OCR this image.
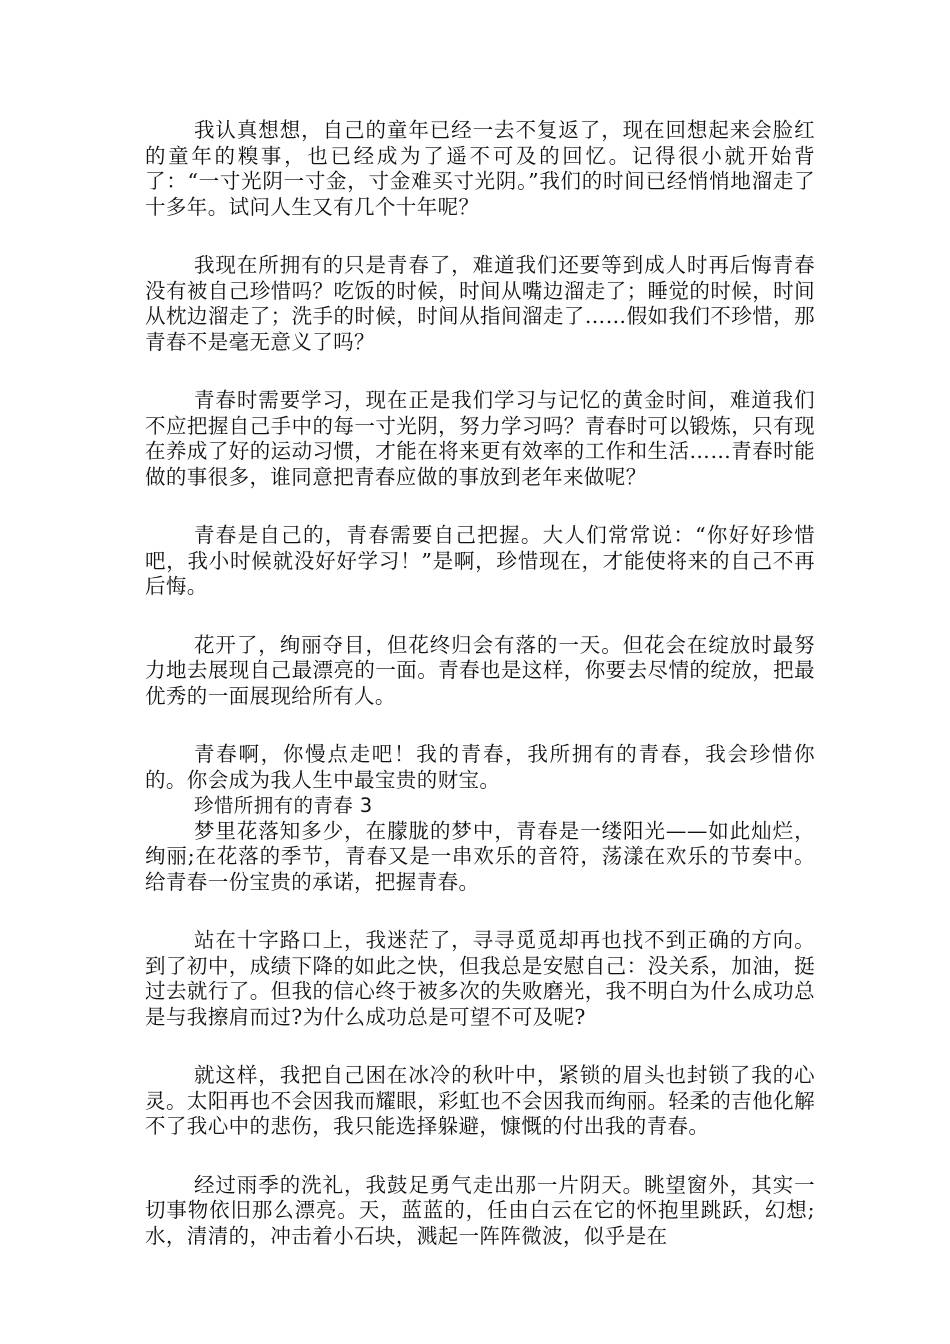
我认真想想，自己的童年已经一去不复返了，现在回想起来会脸红的童年的糗事，也已经成为了遥不可及的回忆。记得很小就开始背了：“一寸光阴一寸金，寸金难买寸光阴。”我们的时间已经悄悄地溜走了十多年。试问人生又有几个十年呢？

我现在所拥有的只是青春了，难道我们还要等到成人时再后悔青春没有被自己珍惜吗？吃饭的时候，时间从嘴边溜走了；睡觉的时候，时间从枕边溜走了；洗手的时候，时间从指间溜走了……假如我们不珍惜，那青春不是毫无意义了吗？

青春时需要学习，现在正是我们学习与记忆的黄金时间，难道我们不应把握自己手中的每一寸光阴，努力学习吗？青春时可以锻炼，只有现在养成了好的运动习惯，才能在将来更有效率的工作和生活……青春时能做的事很多，谁同意把青春应做的事放到老年来做呢？

青春是自己的，青春需要自己把握。大人们常常说：“你好好珍惜吧，我小时候就没好好学习！”是啊，珍惜现在，才能使将来的自己不再后悔。

花开了，绚丽夺目，但花终归会有落的一天。但花会在绽放时最努力地去展现自己最漂亮的一面。青春也是这样，你要去尽情的绽放，把最优秀的一面展现给所有人。

青春啊，你慢点走吧！我的青春，我所拥有的青春，我会珍惜你的。你会成为我人生中最宝贵的财宝。

珍惜所拥有的青春 3

梦里花落知多少，在朦胧的梦中，青春是一缕阳光——如此灿烂，绚丽;在花落的季节，青春又是一串欢乐的音符，荡漾在欢乐的节奏中。给青春一份宝贵的承诺，把握青春。

站在十字路口上，我迷茫了，寻寻觅觅却再也找不到正确的方向。到了初中，成绩下降的如此之快，但我总是安慰自己：没关系，加油，挺过去就行了。但我的信心终于被多次的失败磨光，我不明白为什么成功总是与我擦肩而过?为什么成功总是可望不可及呢?

就这样，我把自己困在冰冷的秋叶中，紧锁的眉头也封锁了我的心灵。太阳再也不会因我而耀眼，彩虹也不会因我而绚丽。轻柔的吉他化解不了我心中的悲伤，我只能选择躲避，慷慨的付出我的青春。

经过雨季的洗礼，我鼓足勇气走出那一片阴天。眺望窗外，其实一切事物依旧那么漂亮。天，蓝蓝的，任由白云在它的怀抱里跳跃，幻想;水，清清的，冲击着小石块，溅起一阵阵微波，似乎是在
